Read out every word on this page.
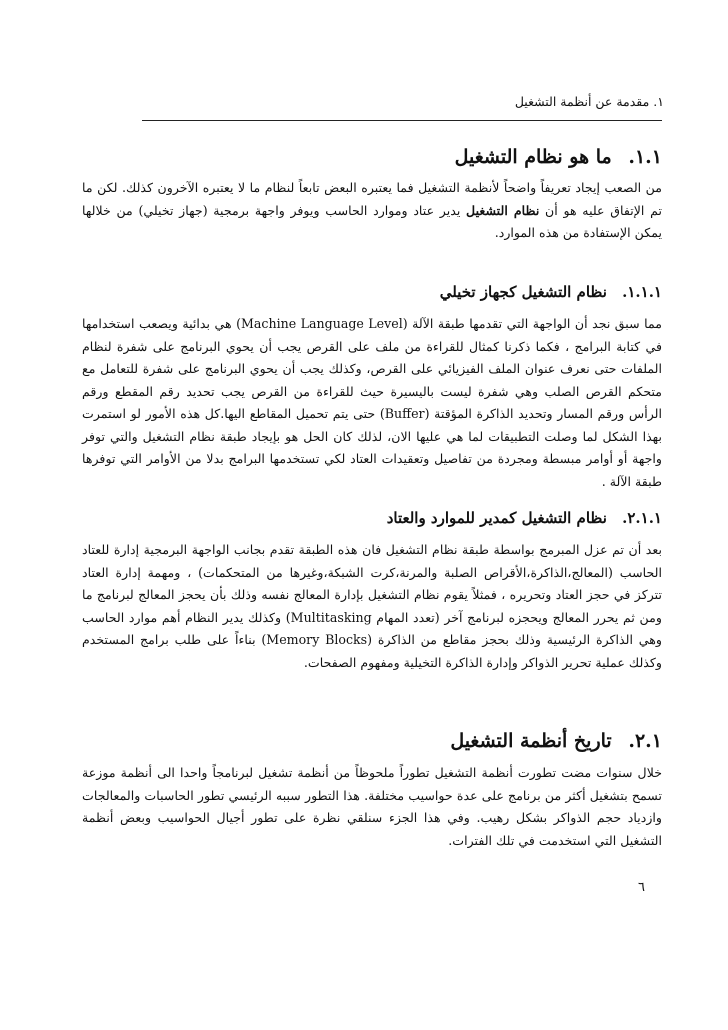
١. مقدمة عن أنظمة التشغيل
١.١. ما هو نظام التشغيل

من الصعب إيجاد تعريفاً واضحاً لأنظمة التشغيل فما يعتبره البعض تابعاً لنظام ما لا يعتبره الآخرون كذلك. لكن ما تم الإتفاق عليه هو أن نظام التشغيل يدير عتاد وموارد الحاسب ويوفر واجهة برمجية (جهاز تخيلي) من خلالها يمكن الإستفادة من هذه الموارد.

١.١.١. نظام التشغيل كجهاز تخيلي

مما سبق نجد أن الواجهة التي تقدمها طبقة الآلة (Machine Language Level) هي بدائية ويصعب استخدامها في كتابة البرامج ، فكما ذكرنا كمثال للقراءة من ملف على القرص يجب أن يحوي البرنامج على شفرة لنظام الملفات حتى نعرف عنوان الملف الفيزيائي على القرص، وكذلك يجب أن يحوي البرنامج على شفرة للتعامل مع متحكم القرص الصلب وهي شفرة ليست باليسيرة حيث للقراءة من القرص يجب تحديد رقم المقطع ورقم الرأس ورقم المسار وتحديد الذاكرة المؤقتة (Buffer) حتى يتم تحميل المقاطع اليها.كل هذه الأمور لو استمرت بهذا الشكل لما وصلت التطبيقات لما هي عليها الان، لذلك كان الحل هو بإيجاد طبقة نظام التشغيل والتي توفر واجهة أو أوامر مبسطة ومجردة من تفاصيل وتعقيدات العتاد لكي تستخدمها البرامج بدلا من الأوامر التي توفرها طبقة الآلة .

٢.١.١. نظام التشغيل كمدير للموارد والعتاد

بعد أن تم عزل المبرمج بواسطة طبقة نظام التشغيل فان هذه الطبقة تقدم بجانب الواجهة البرمجية إدارة للعتاد الحاسب (المعالج،الذاكرة،الأقراص الصلبة والمرنة،كرت الشبكة،وغيرها من المتحكمات) ، ومهمة إدارة العتاد تتركز في حجز العتاد وتحريره ، فمثلاً يقوم نظام التشغيل بإدارة المعالج نفسه وذلك بأن يحجز المعالج لبرنامج ما ومن ثم يحرر المعالج ويحجزه لبرنامج آخر (تعدد المهام Multitasking) وكذلك يدير النظام أهم موارد الحاسب وهي الذاكرة الرئيسية وذلك بحجز مقاطع من الذاكرة (Memory Blocks) بناءاً على طلب برامج المستخدم وكذلك عملية تحرير الذواكر وإدارة الذاكرة التخيلية ومفهوم الصفحات.

٢.١. تاريخ أنظمة التشغيل

خلال سنوات مضت تطورت أنظمة التشغيل تطوراً ملحوظاً من أنظمة تشغيل لبرنامجاً واحدا الى أنظمة موزعة تسمح بتشغيل أكثر من برنامج على عدة حواسيب مختلفة. هذا التطور سببه الرئيسي تطور الحاسبات والمعالجات وازدياد حجم الذواكر بشكل رهيب. وفي هذا الجزء سنلقي نظرة على تطور أجيال الحواسيب وبعض أنظمة التشغيل التي استخدمت في تلك الفترات.

٦
